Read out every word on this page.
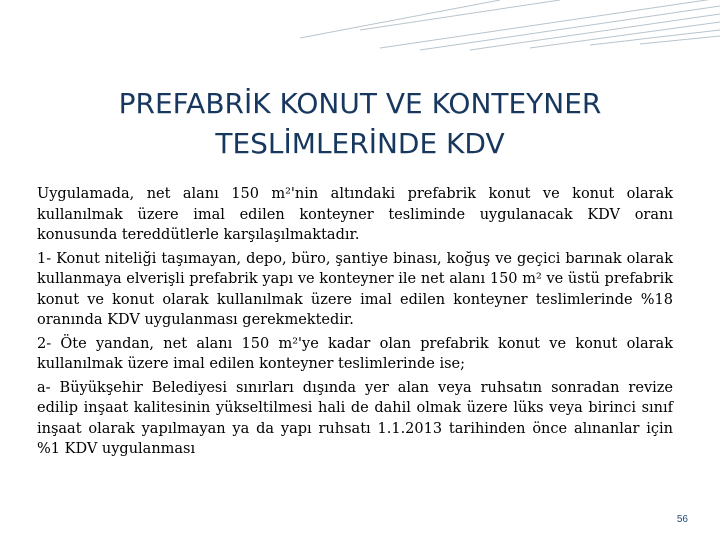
PREFABRİK KONUT VE KONTEYNER
TESLİMLERİNDE KDV

Uygulamada, net alanı 150 m²'nin altındaki prefabrik konut ve konut olarak kullanılmak üzere imal edilen konteyner tesliminde uygulanacak KDV oranı konusunda tereddütlerle karşılaşılmaktadır.

1- Konut niteliği taşımayan, depo, büro, şantiye binası, koğuş ve geçici barınak olarak kullanmaya elverişli prefabrik yapı ve konteyner ile net alanı 150 m² ve üstü prefabrik konut ve konut olarak kullanılmak üzere imal edilen konteyner teslimlerinde %18 oranında KDV uygulanması gerekmektedir.

2- Öte yandan, net alanı 150 m²'ye kadar olan prefabrik konut ve konut olarak kullanılmak üzere imal edilen konteyner teslimlerinde ise;

a- Büyükşehir Belediyesi sınırları dışında yer alan veya ruhsatın sonradan revize edilip inşaat kalitesinin yükseltilmesi hali de dahil olmak üzere lüks veya birinci sınıf inşaat olarak yapılmayan ya da yapı ruhsatı 1.1.2013 tarihinden önce alınanlar için %1 KDV uygulanması

56
